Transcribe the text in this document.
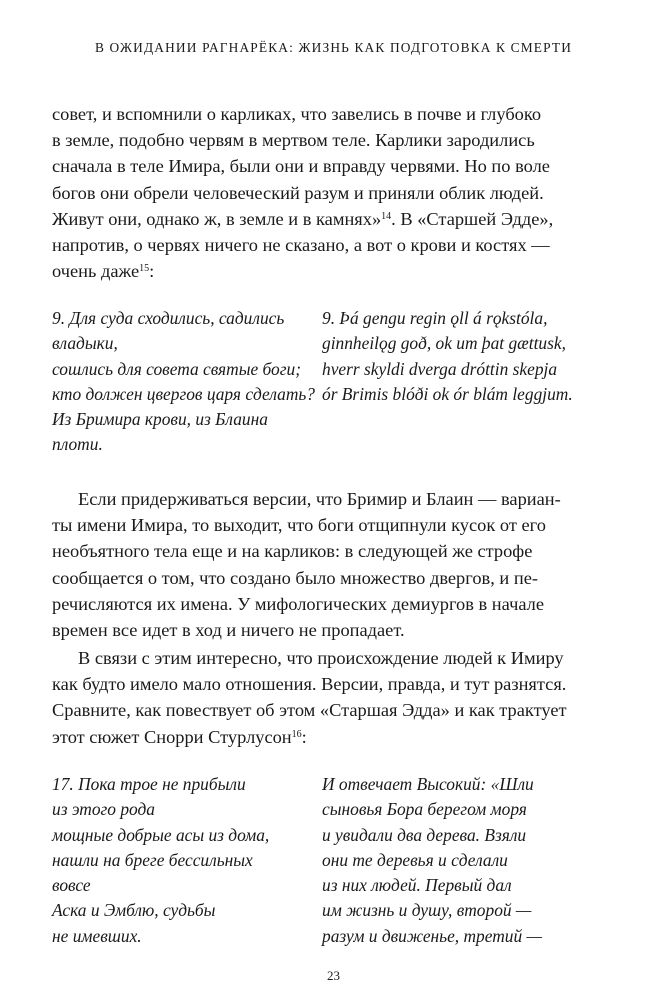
В ОЖИДАНИИ РАГНАРЁКА: ЖИЗНЬ КАК ПОДГОТОВКА К СМЕРТИ

совет, и вспомнили о карликах, что завелись в почве и глубоко
в земле, подобно червям в мертвом теле. Карлики зародились
сначала в теле Имира, были они и вправду червями. Но по воле
богов они обрели человеческий разум и приняли облик людей.
Живут они, однако ж, в земле и в камнях»$^{14}$. В «Старшей Эдде»,
напротив, о червях ничего не сказано, а вот о крови и костях —
очень даже$^{15}$:

9. Для суда сходились, садились
владыки,
сошлись для совета святые боги;
кто должен цвергов царя сделать?
Из Бримира крови, из Блаина
плоти.
9. Þá gengu regin ǫll á rǫkstóla,
ginnheilǫg goð, ok um þat gættusk,
hverr skyldi dverga dróttin skepja
ór Brimis blóði ok ór blám leggjum.

Если придерживаться версии, что Бримир и Блаин — вариан-

ты имени Имира, то выходит, что боги отщипнули кусок от его
необъятного тела еще и на карликов: в следующей же строфе
сообщается о том, что создано было множество двергов, и пе-
речисляются их имена. У мифологических демиургов в начале
времен все идет в ход и ничего не пропадает.

В связи с этим интересно, что происхождение людей к Имиру

как будто имело мало отношения. Версии, правда, и тут разнятся.
Сравните, как повествует об этом «Старшая Эдда» и как трактует
этот сюжет Снорри Стурлусон$^{16}$:

17. Пока трое не прибыли
из этого рода
мощные добрые асы из дома,
нашли на бреге бессильных
вовсе
Аска и Эмблю, судьбы
не имевших.
И отвечает Высокий: «Шли
сыновья Бора берегом моря
и увидали два дерева. Взяли
они те деревья и сделали
из них людей. Первый дал
им жизнь и душу, второй —
разум и движенье, третий —
23
